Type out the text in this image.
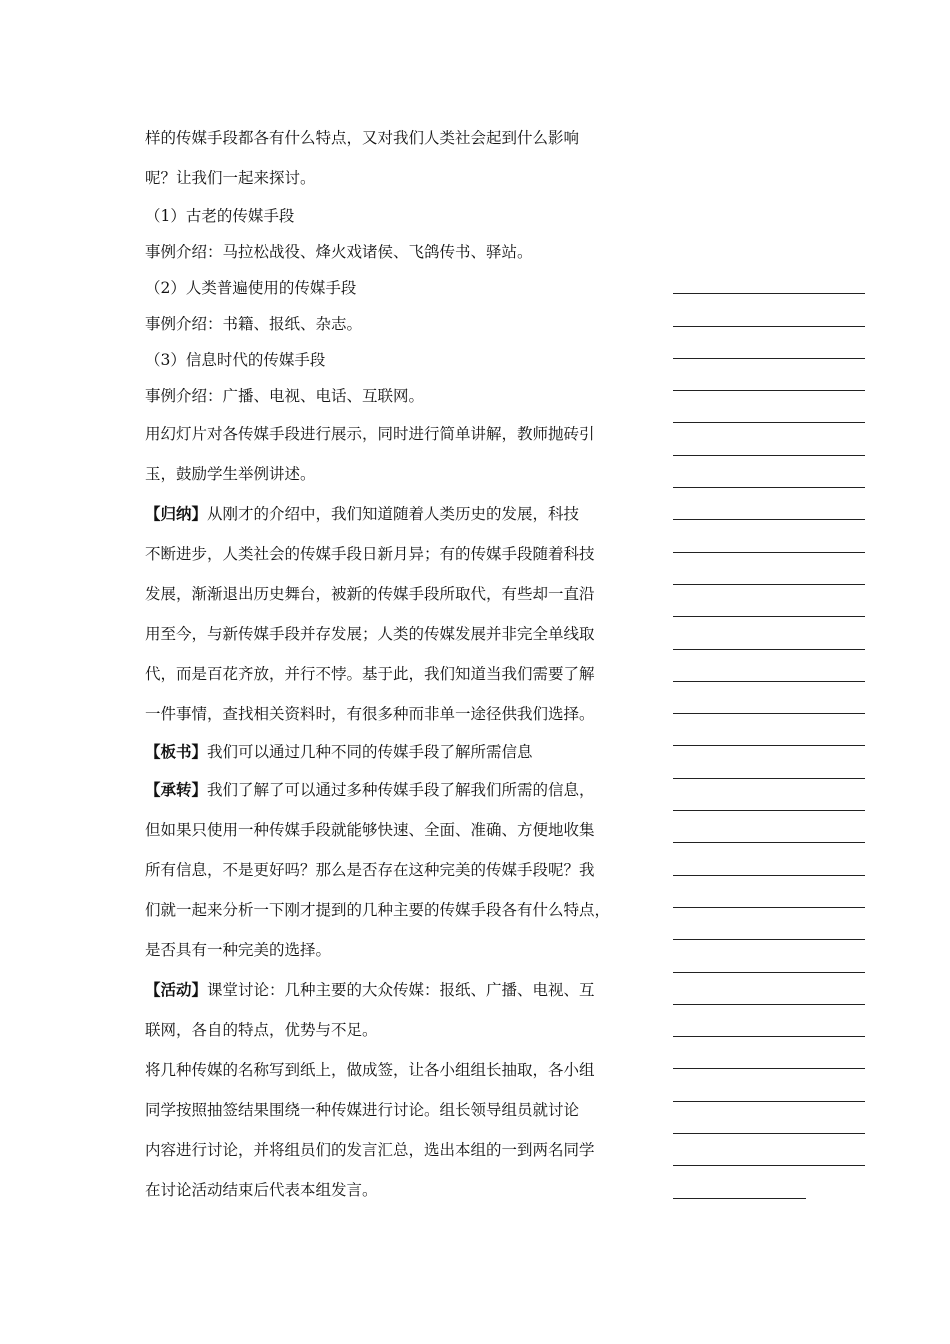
样的传媒手段都各有什么特点，又对我们人类社会起到什么影响

呢？让我们一起来探讨。

（1）古老的传媒手段

事例介绍：马拉松战役、烽火戏诸侯、飞鸽传书、驿站。

（2）人类普遍使用的传媒手段

事例介绍：书籍、报纸、杂志。

（3）信息时代的传媒手段

事例介绍：广播、电视、电话、互联网。

用幻灯片对各传媒手段进行展示，同时进行简单讲解，教师抛砖引

玉，鼓励学生举例讲述。

【归纳】从刚才的介绍中，我们知道随着人类历史的发展，科技

不断进步，人类社会的传媒手段日新月异；有的传媒手段随着科技

发展，渐渐退出历史舞台，被新的传媒手段所取代，有些却一直沿

用至今，与新传媒手段并存发展；人类的传媒发展并非完全单线取

代，而是百花齐放，并行不悖。基于此，我们知道当我们需要了解

一件事情，查找相关资料时，有很多种而非单一途径供我们选择。

【板书】我们可以通过几种不同的传媒手段了解所需信息

【承转】我们了解了可以通过多种传媒手段了解我们所需的信息，

但如果只使用一种传媒手段就能够快速、全面、准确、方便地收集

所有信息，不是更好吗？那么是否存在这种完美的传媒手段呢？我

们就一起来分析一下刚才提到的几种主要的传媒手段各有什么特点，

是否具有一种完美的选择。

【活动】课堂讨论：几种主要的大众传媒：报纸、广播、电视、互

联网，各自的特点，优势与不足。

将几种传媒的名称写到纸上，做成签，让各小组组长抽取，各小组

同学按照抽签结果围绕一种传媒进行讨论。组长领导组员就讨论

内容进行讨论，并将组员们的发言汇总，选出本组的一到两名同学

在讨论活动结束后代表本组发言。
